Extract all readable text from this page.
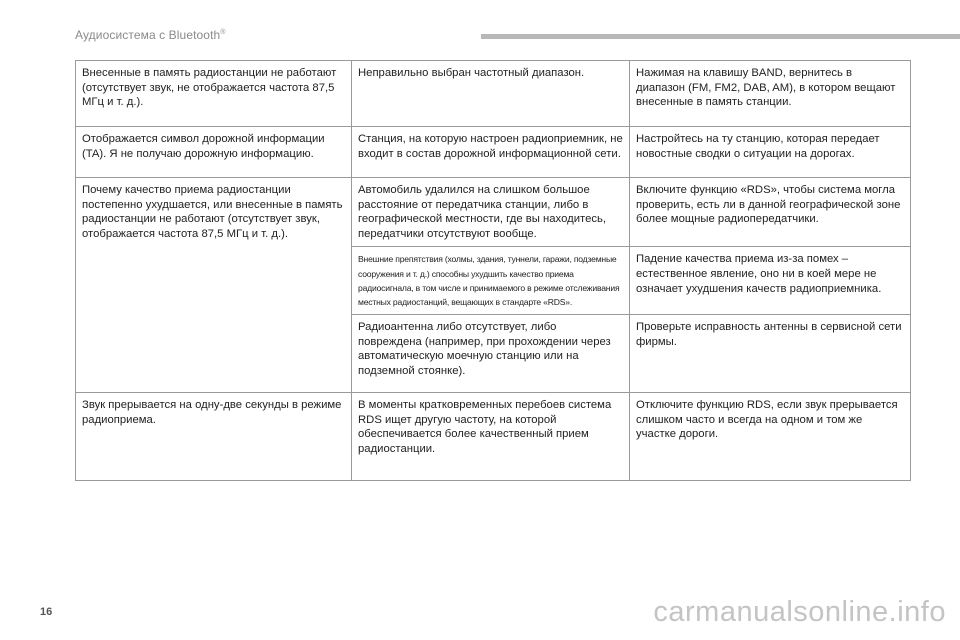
Аудиосистема с Bluetooth®
Внесенные в память радиостанции не работают (отсутствует звук, не отображается частота 87,5 МГц и т. д.).	Неправильно выбран частотный диапазон.	Нажимая на клавишу BAND, вернитесь в диапазон (FM, FM2, DAB, AM), в котором вещают внесенные в память станции.
Отображается символ дорожной информации (TA). Я не получаю дорожную информацию.	Станция, на которую настроен радиоприемник, не входит в состав дорожной информационной сети.	Настройтесь на ту станцию, которая передает новостные сводки о ситуации на дорогах.
Почему качество приема радиостанции постепенно ухудшается, или внесенные в память радиостанции не работают (отсутствует звук, отображается частота 87,5 МГц и т. д.).	Автомобиль удалился на слишком большое расстояние от передатчика станции, либо в географической местности, где вы находитесь, передатчики отсутствуют вообще.	Включите функцию «RDS», чтобы система могла проверить, есть ли в данной географической зоне более мощные радиопередатчики.
	Внешние препятствия (холмы, здания, туннели, гаражи, подземные сооружения и т. д.) способны ухудшить качество приема радиосигнала, в том числе и принимаемого в режиме отслеживания местных радиостанций, вещающих в стандарте «RDS».	Падение качества приема из-за помех – естественное явление, оно ни в коей мере не означает ухудшения качеств радиоприемника.
	Радиоантенна либо отсутствует, либо повреждена (например, при прохождении через автоматическую моечную станцию или на подземной стоянке).	Проверьте исправность антенны в сервисной сети фирмы.
Звук прерывается на одну-две секунды в режиме радиоприема.	В моменты кратковременных перебоев система RDS ищет другую частоту, на которой обеспечивается более качественный прием радиостанции.	Отключите функцию RDS, если звук прерывается слишком часто и всегда на одном и том же участке дороги.
16	carmanualsonline.info
